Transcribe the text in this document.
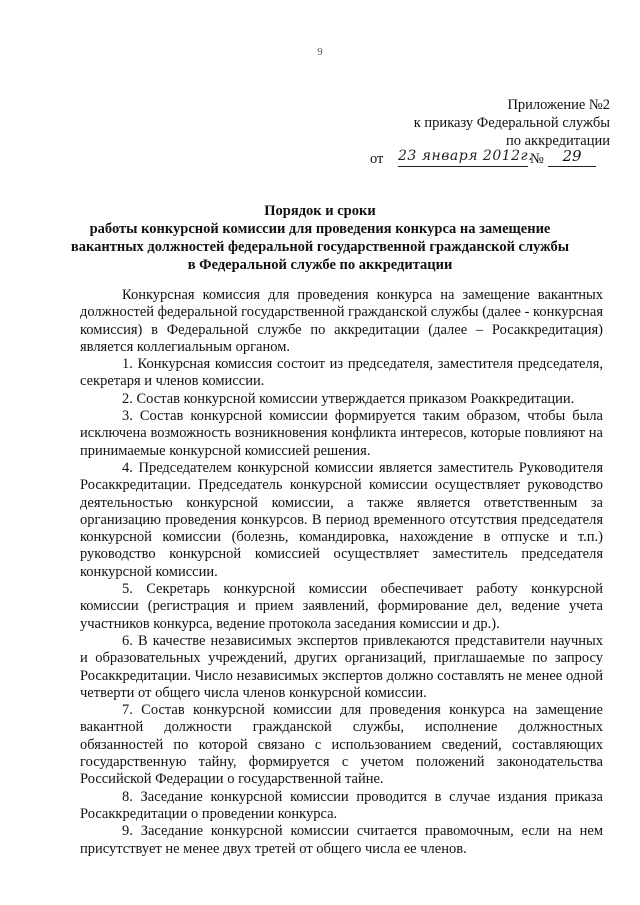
9
Приложение №2
к приказу Федеральной службы
по аккредитации
от 23 января 2012г.
№	29
Порядок и сроки
работы конкурсной комиссии для проведения конкурса на замещение вакантных должностей федеральной государственной гражданской службы в Федеральной службе по аккредитации

Конкурсная комиссия для проведения конкурса на замещение вакантных должностей федеральной государственной гражданской службы (далее - конкурсная комиссия) в Федеральной службе по аккредитации (далее – Росаккредитация) является коллегиальным органом.

1. Конкурсная комиссия состоит из председателя, заместителя председателя, секретаря и членов комиссии.

2. Состав конкурсной комиссии утверждается приказом Роаккредитации.

3. Состав конкурсной комиссии формируется таким образом, чтобы была исключена возможность возникновения конфликта интересов, которые повлияют на принимаемые конкурсной комиссией решения.

4. Председателем конкурсной комиссии является заместитель Руководителя Росаккредитации. Председатель конкурсной комиссии осуществляет руководство деятельностью конкурсной комиссии, а также является ответственным за организацию проведения конкурсов. В период временного отсутствия председателя конкурсной комиссии (болезнь, командировка, нахождение в отпуске и т.п.) руководство конкурсной комиссией осуществляет заместитель председателя конкурсной комиссии.

5. Секретарь конкурсной комиссии обеспечивает работу конкурсной комиссии (регистрация и прием заявлений, формирование дел, ведение учета участников конкурса, ведение протокола заседания комиссии и др.).

6. В качестве независимых экспертов привлекаются представители научных и образовательных учреждений, других организаций, приглашаемые по запросу Росаккредитации. Число независимых экспертов должно составлять не менее одной четверти от общего числа членов конкурсной комиссии.

7. Состав конкурсной комиссии для проведения конкурса на замещение вакантной должности гражданской службы, исполнение должностных обязанностей по которой связано с использованием сведений, составляющих государственную тайну, формируется с учетом положений законодательства Российской Федерации о государственной тайне.

8. Заседание конкурсной комиссии проводится в случае издания приказа Росаккредитации о проведении конкурса.

9. Заседание конкурсной комиссии считается правомочным, если на нем присутствует не менее двух третей от общего числа ее членов.
